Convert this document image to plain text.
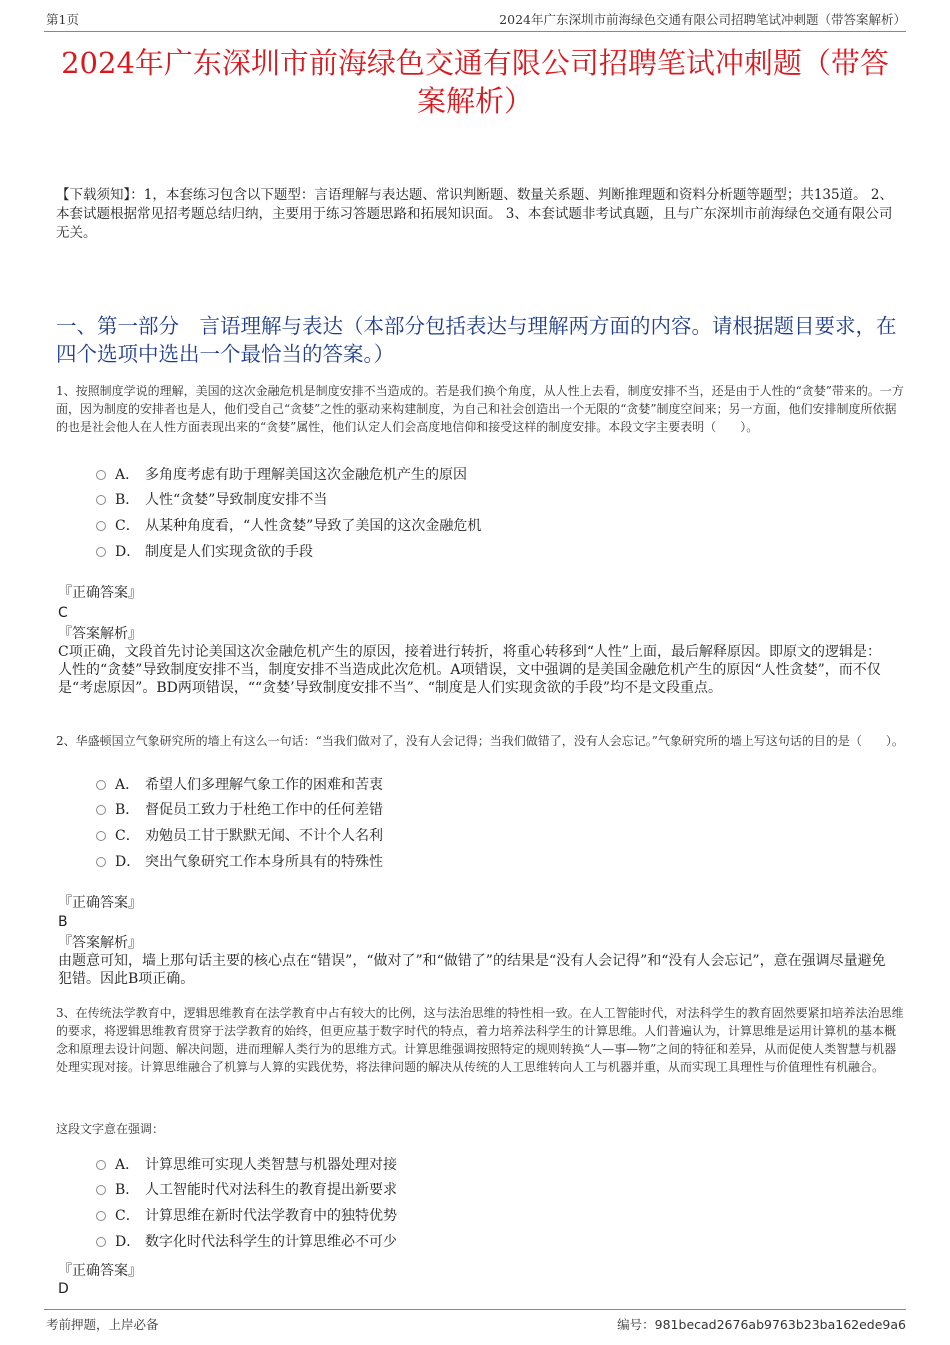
第1页	2024年广东深圳市前海绿色交通有限公司招聘笔试冲刺题（带答案解析）
2024年广东深圳市前海绿色交通有限公司招聘笔试冲刺题（带答案解析）
【下载须知】：1，本套练习包含以下题型：言语理解与表达题、常识判断题、数量关系题、判断推理题和资料分析题等题型；共135道。 2、本套试题根据常见招考题总结归纳，主要用于练习答题思路和拓展知识面。 3、本套试题非考试真题，且与广东深圳市前海绿色交通有限公司无关。
一、第一部分　言语理解与表达（本部分包括表达与理解两方面的内容。请根据题目要求，在四个选项中选出一个最恰当的答案。）
1、按照制度学说的理解，美国的这次金融危机是制度安排不当造成的。若是我们换个角度，从人性上去看，制度安排不当，还是由于人性的“贪婪”带来的。一方面，因为制度的安排者也是人，他们受自己“贪婪”之性的驱动来构建制度，为自己和社会创造出一个无限的“贪婪”制度空间来；另一方面，他们安排制度所依据的也是社会他人在人性方面表现出来的“贪婪”属性，他们认定人们会高度地信仰和接受这样的制度安排。本段文字主要表明（　　）。
A． 多角度考虑有助于理解美国这次金融危机产生的原因
B． 人性“贪婪”导致制度安排不当
C． 从某种角度看，“人性贪婪”导致了美国的这次金融危机
D． 制度是人们实现贪欲的手段
『正确答案』
C
『答案解析』
C项正确，文段首先讨论美国这次金融危机产生的原因，接着进行转折，将重心转移到“人性”上面，最后解释原因。即原文的逻辑是：人性的“贪婪”导致制度安排不当，制度安排不当造成此次危机。A项错误，文中强调的是美国金融危机产生的原因“人性贪婪”，而不仅是“考虑原因”。BD两项错误，““贪婪’导致制度安排不当”、“制度是人们实现贪欲的手段”均不是文段重点。
2、华盛顿国立气象研究所的墙上有这么一句话：“当我们做对了，没有人会记得；当我们做错了，没有人会忘记。”气象研究所的墙上写这句话的目的是（　　）。
A． 希望人们多理解气象工作的困难和苦衷
B． 督促员工致力于杜绝工作中的任何差错
C． 劝勉员工甘于默默无闻、不计个人名利
D． 突出气象研究工作本身所具有的特殊性
『正确答案』
B
『答案解析』
由题意可知，墙上那句话主要的核心点在“错误”，“做对了”和“做错了”的结果是“没有人会记得”和“没有人会忘记”，意在强调尽量避免犯错。因此B项正确。
3、在传统法学教育中，逻辑思维教育在法学教育中占有较大的比例，这与法治思维的特性相一致。在人工智能时代，对法科学生的教育固然要紧扣培养法治思维的要求，将逻辑思维教育贯穿于法学教育的始终，但更应基于数字时代的特点，着力培养法科学生的计算思维。人们普遍认为，计算思维是运用计算机的基本概念和原理去设计问题、解决问题，进而理解人类行为的思维方式。计算思维强调按照特定的规则转换“人—事—物”之间的特征和差异，从而促使人类智慧与机器处理实现对接。计算思维融合了机算与人算的实践优势，将法律问题的解决从传统的人工思维转向人工与机器并重，从而实现工具理性与价值理性有机融合。
这段文字意在强调：
A． 计算思维可实现人类智慧与机器处理对接
B． 人工智能时代对法科生的教育提出新要求
C． 计算思维在新时代法学教育中的独特优势
D． 数字化时代法科学生的计算思维必不可少
『正确答案』
D
考前押题，上岸必备	编号：981becad2676ab9763b23ba162ede9a6
